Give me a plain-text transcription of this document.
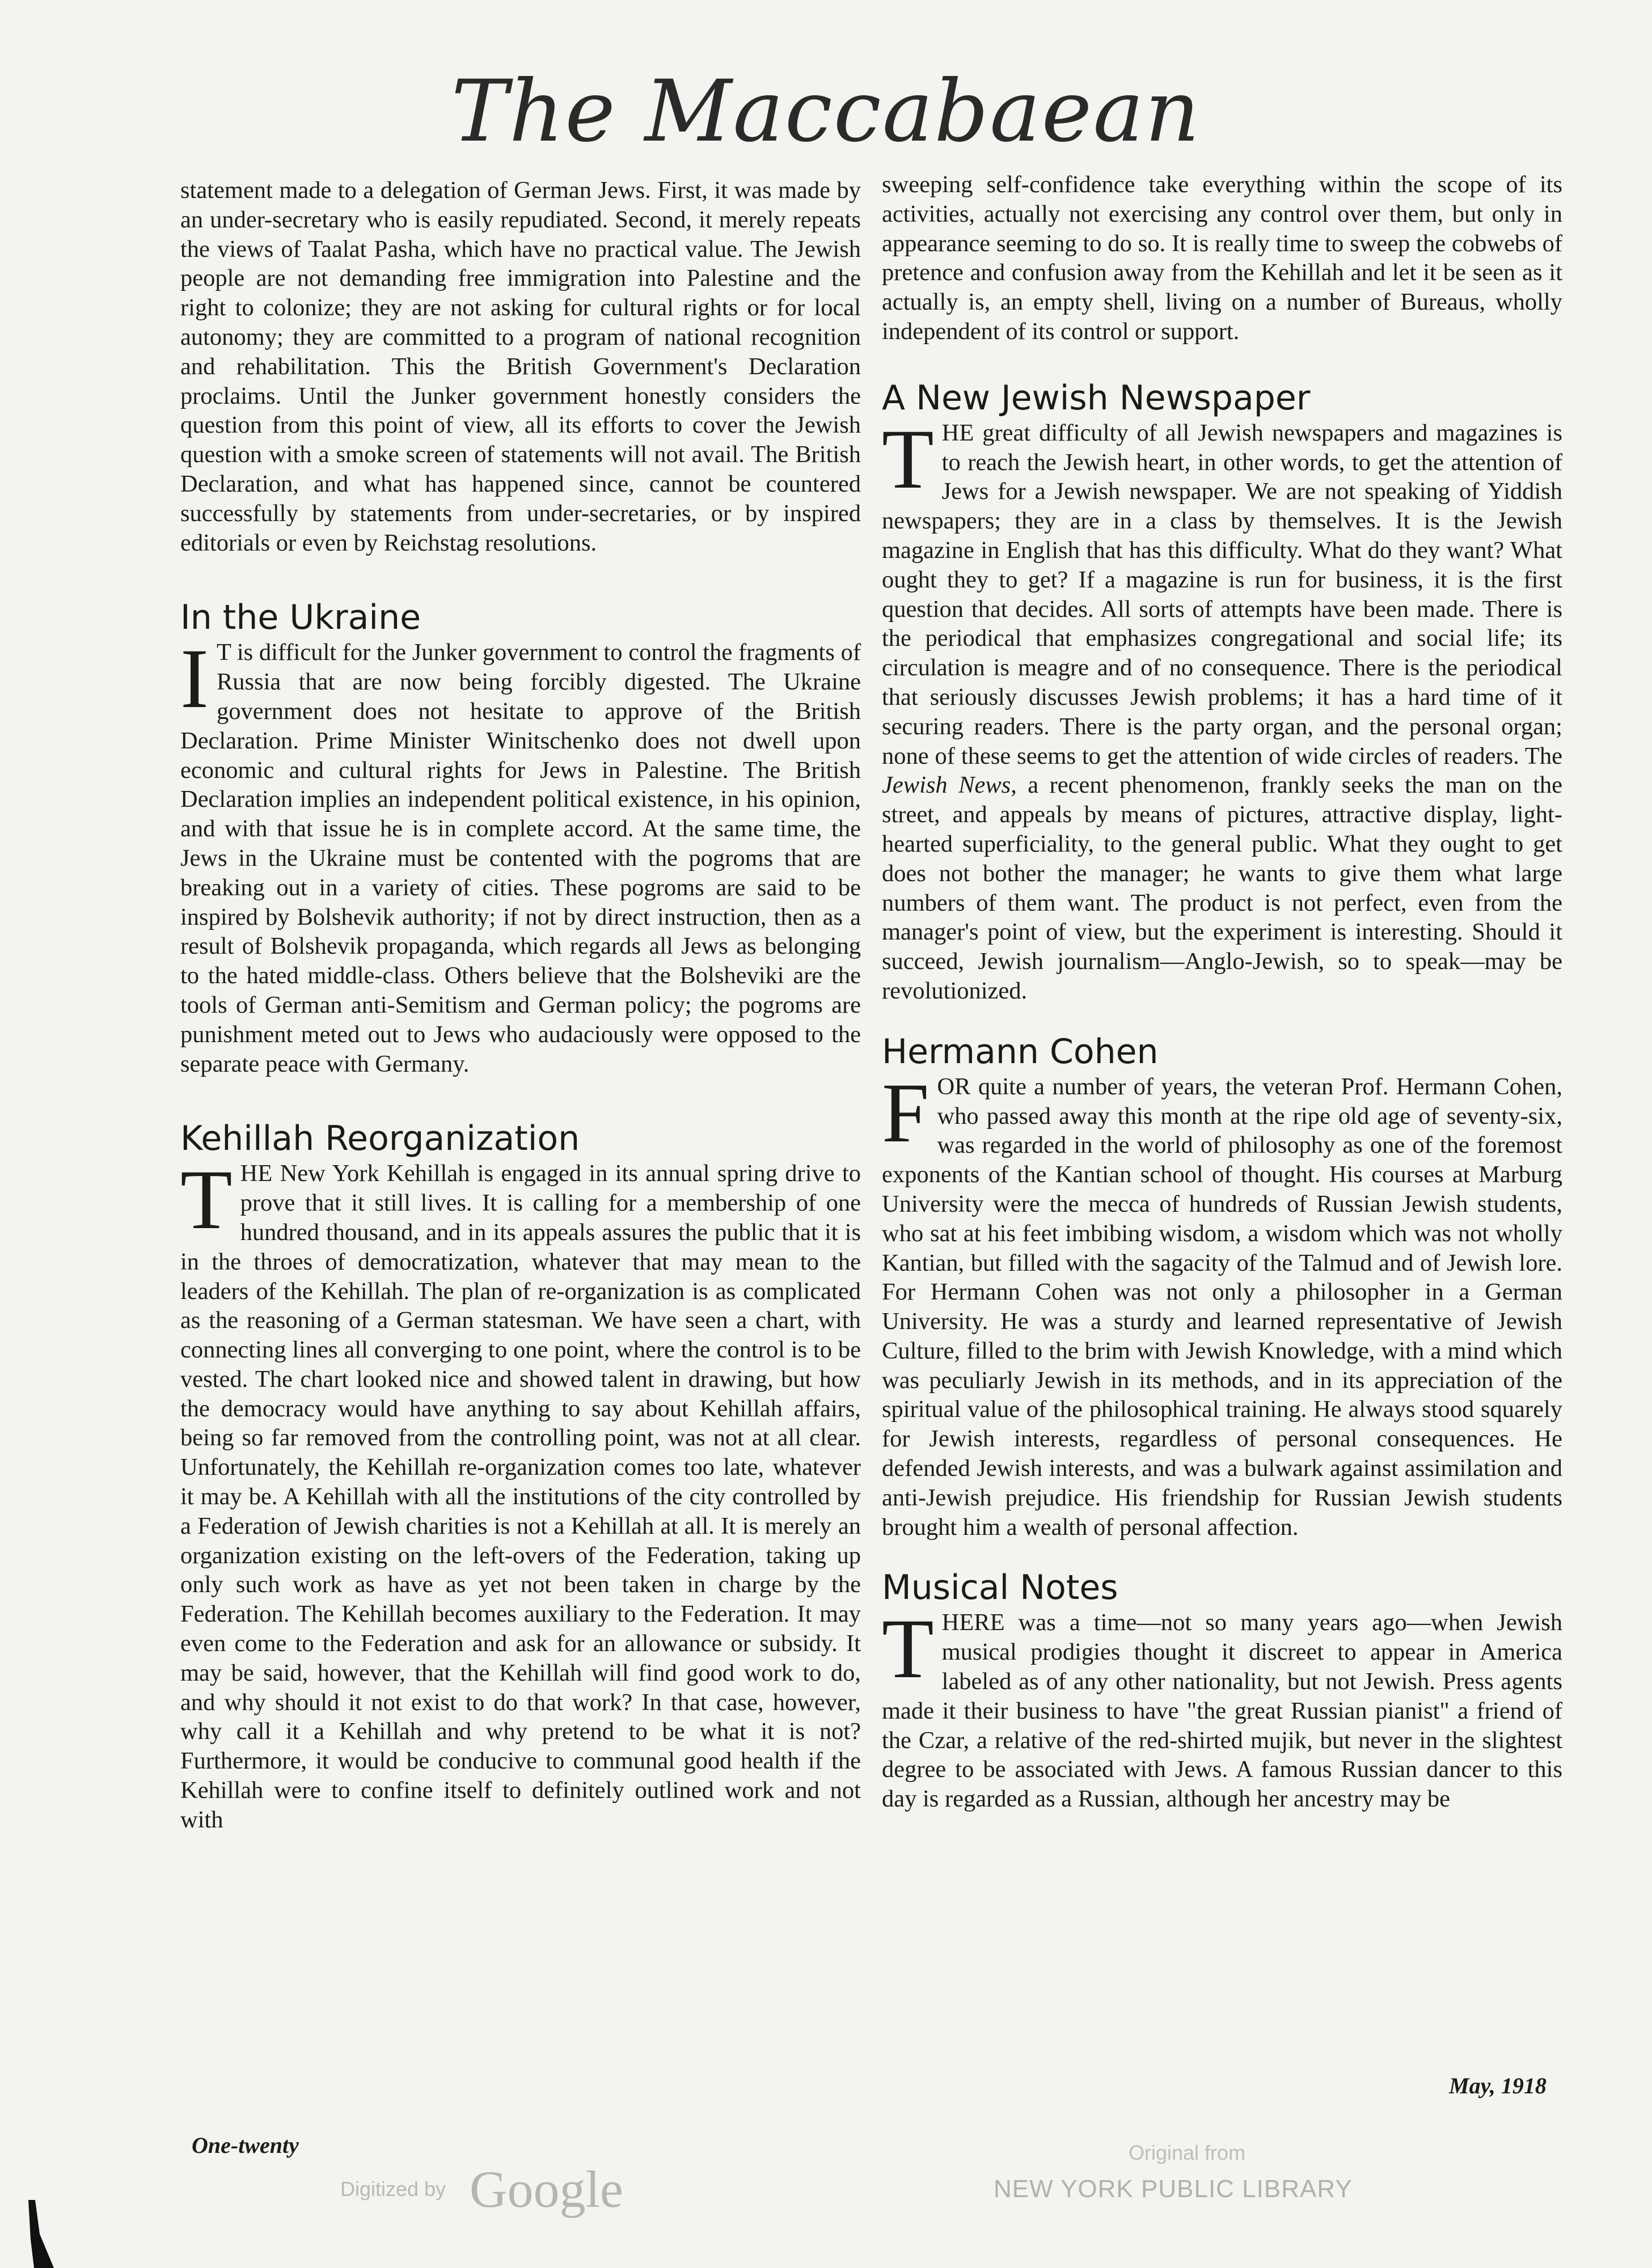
The Maccabaean

statement made to a delegation of German Jews. First, it was made by an under-secretary who is easily repudiated. Second, it merely repeats the views of Taalat Pasha, which have no practical value. The Jewish people are not demanding free immigration into Palestine and the right to colonize; they are not asking for cultural rights or for local autonomy; they are committed to a program of national recognition and rehabilitation. This the British Government's Declaration proclaims. Until the Junker government honestly considers the question from this point of view, all its efforts to cover the Jewish question with a smoke screen of statements will not avail. The British Declaration, and what has happened since, cannot be countered successfully by statements from under-secretaries, or by inspired editorials or even by Reichstag resolutions.

In the Ukraine

I T is difficult for the Junker government to control the fragments of Russia that are now being forcibly digested. The Ukraine government does not hesitate to approve of the British Declaration. Prime Minister Winitschenko does not dwell upon economic and cultural rights for Jews in Palestine. The British Declaration implies an independent political existence, in his opinion, and with that issue he is in complete accord. At the same time, the Jews in the Ukraine must be contented with the pogroms that are breaking out in a variety of cities. These pogroms are said to be inspired by Bolshevik authority; if not by direct instruction, then as a result of Bolshevik propaganda, which regards all Jews as belonging to the hated middle-class. Others believe that the Bolsheviki are the tools of German anti-Semitism and German policy; the pogroms are punishment meted out to Jews who audaciously were opposed to the separate peace with Germany.

Kehillah Reorganization

THE New York Kehillah is engaged in its annual spring drive to prove that it still lives. It is calling for a membership of one hundred thousand, and in its appeals assures the public that it is in the throes of democratization, whatever that may mean to the leaders of the Kehillah. The plan of re-organization is as complicated as the reasoning of a German statesman. We have seen a chart, with connecting lines all converging to one point, where the control is to be vested. The chart looked nice and showed talent in drawing, but how the democracy would have anything to say about Kehillah affairs, being so far removed from the controlling point, was not at all clear. Unfortunately, the Kehillah re-organization comes too late, whatever it may be. A Kehillah with all the institutions of the city controlled by a Federation of Jewish charities is not a Kehillah at all. It is merely an organization existing on the left-overs of the Federation, taking up only such work as have as yet not been taken in charge by the Federation. The Kehillah becomes auxiliary to the Federation. It may even come to the Federation and ask for an allowance or subsidy. It may be said, however, that the Kehillah will find good work to do, and why should it not exist to do that work? In that case, however, why call it a Kehillah and why pretend to be what it is not? Furthermore, it would be conducive to communal good health if the Kehillah were to confine itself to definitely outlined work and not with

sweeping self-confidence take everything within the scope of its activities, actually not exercising any control over them, but only in appearance seeming to do so. It is really time to sweep the cobwebs of pretence and confusion away from the Kehillah and let it be seen as it actually is, an empty shell, living on a number of Bureaus, wholly independent of its control or support.

A New Jewish Newspaper

THE great difficulty of all Jewish newspapers and magazines is to reach the Jewish heart, in other words, to get the attention of Jews for a Jewish newspaper. We are not speaking of Yiddish newspapers; they are in a class by themselves. It is the Jewish magazine in English that has this difficulty. What do they want? What ought they to get? If a magazine is run for business, it is the first question that decides. All sorts of attempts have been made. There is the periodical that emphasizes congregational and social life; its circulation is meagre and of no consequence. There is the periodical that seriously discusses Jewish problems; it has a hard time of it securing readers. There is the party organ, and the personal organ; none of these seems to get the attention of wide circles of readers. The Jewish News, a recent phenomenon, frankly seeks the man on the street, and appeals by means of pictures, attractive display, light-hearted superficiality, to the general public. What they ought to get does not bother the manager; he wants to give them what large numbers of them want. The product is not perfect, even from the manager's point of view, but the experiment is interesting. Should it succeed, Jewish journalism—Anglo-Jewish, so to speak—may be revolutionized.

Hermann Cohen

FOR quite a number of years, the veteran Prof. Hermann Cohen, who passed away this month at the ripe old age of seventy-six, was regarded in the world of philosophy as one of the foremost exponents of the Kantian school of thought. His courses at Marburg University were the mecca of hundreds of Russian Jewish students, who sat at his feet imbibing wisdom, a wisdom which was not wholly Kantian, but filled with the sagacity of the Talmud and of Jewish lore. For Hermann Cohen was not only a philosopher in a German University. He was a sturdy and learned representative of Jewish Culture, filled to the brim with Jewish Knowledge, with a mind which was peculiarly Jewish in its methods, and in its appreciation of the spiritual value of the philosophical training. He always stood squarely for Jewish interests, regardless of personal consequences. He defended Jewish interests, and was a bulwark against assimilation and anti-Jewish prejudice. His friendship for Russian Jewish students brought him a wealth of personal affection.

Musical Notes

THERE was a time—not so many years ago—when Jewish musical prodigies thought it discreet to appear in America labeled as of any other nationality, but not Jewish. Press agents made it their business to have "the great Russian pianist" a friend of the Czar, a relative of the red-shirted mujik, but never in the slightest degree to be associated with Jews. A famous Russian dancer to this day is regarded as a Russian, although her ancestry may be

One-twenty
May, 1918
Digitized by Google
Original from
NEW YORK PUBLIC LIBRARY
